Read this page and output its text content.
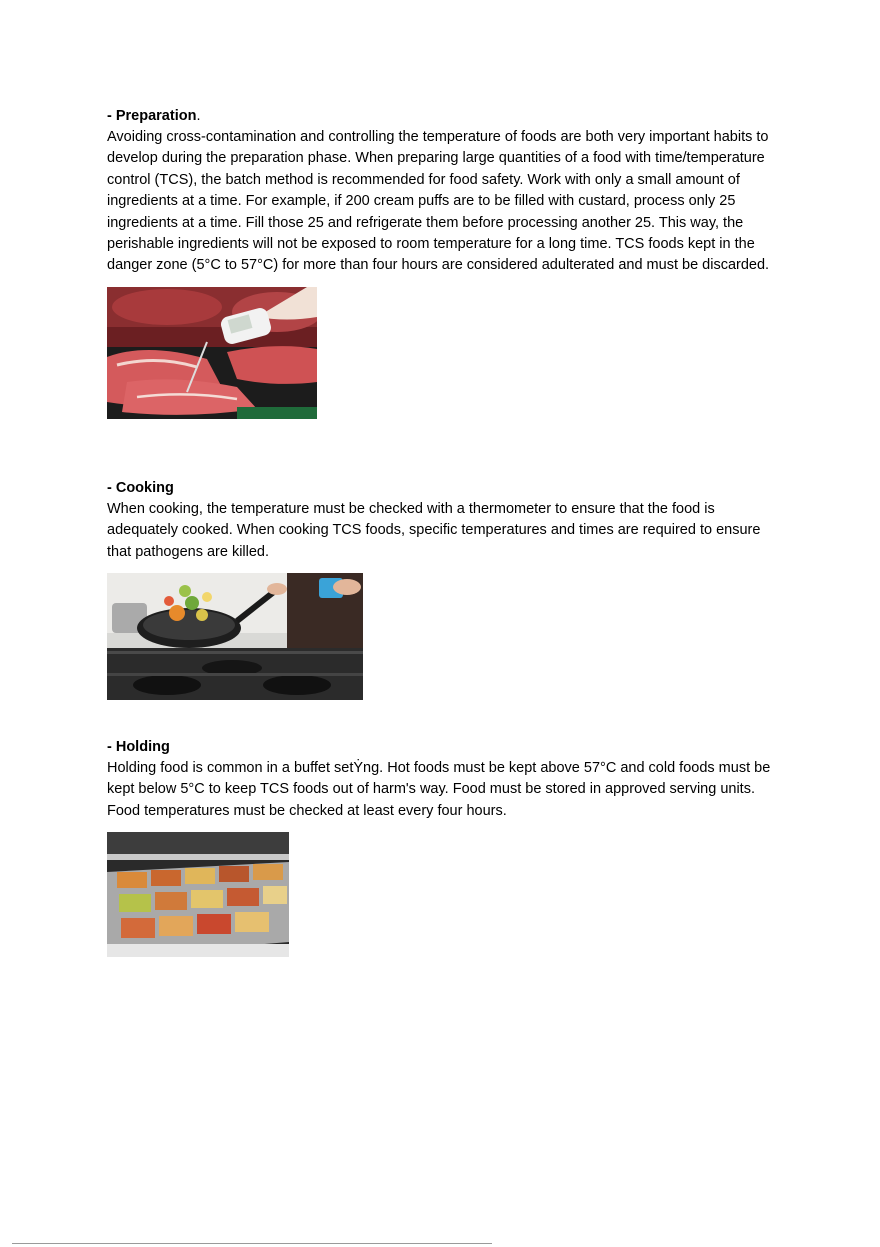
- Preparation.

Avoiding cross-contamination and controlling the temperature of foods are both very important habits to develop during the preparation phase. When preparing large quantities of a food with time/temperature control (TCS), the batch method is recommended for food safety. Work with only a small amount of ingredients at a time. For example, if 200 cream puffs are to be filled with custard, process only 25 ingredients at a time. Fill those 25 and refrigerate them before processing another 25. This way, the perishable ingredients will not be exposed to room temperature for a long time. TCS foods kept in the danger zone (5°C to 57°C) for more than four hours are considered adulterated and must be discarded.

- Cooking

When cooking, the temperature must be checked with a thermometer to ensure that the food is adequately cooked. When cooking TCS foods, specific temperatures and times are required to ensure that pathogens are killed.

- Holding

Holding food is common in a buffet setẎng. Hot foods must be kept above 57°C and cold foods must be kept below 5°C to keep TCS foods out of harm's way. Food must be stored in approved serving units. Food temperatures must be checked at least every four hours.
